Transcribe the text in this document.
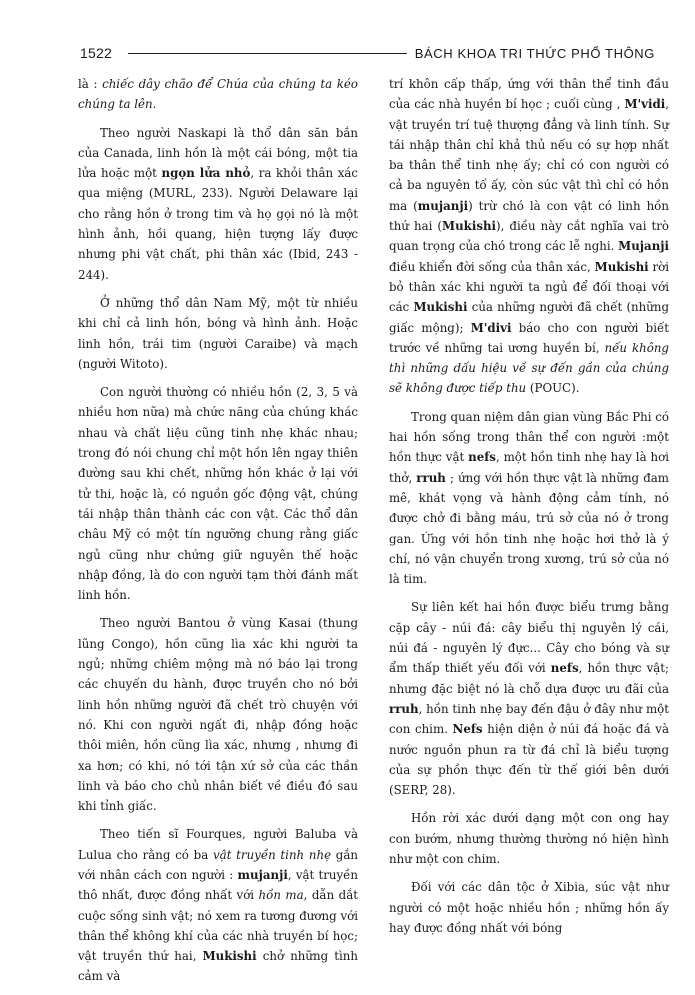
1522	BÁCH KHOA TRI THỨC PHỔ THÔNG

là : chiếc dây chão để Chúa của chúng ta kéo chúng ta lên.

Theo người Naskapi là thổ dân săn bắn của Canada, linh hồn là một cái bóng, một tia lửa hoặc một ngọn lửa nhỏ, ra khỏi thân xác qua miệng (MURL, 233). Người Delaware lại cho rằng hồn ở trong tim và họ gọi nó là một hình ảnh, hồi quang, hiện tượng lấy được nhưng phi vật chất, phi thân xác (Ibid, 243 - 244).

Ở những thổ dân Nam Mỹ, một từ nhiều khi chỉ cả linh hồn, bóng và hình ảnh. Hoặc linh hồn, trái tim (người Caraibe) và mạch (người Witoto).

Con người thường có nhiều hồn (2, 3, 5 và nhiều hơn nữa) mà chức năng của chúng khác nhau và chất liệu cũng tinh nhẹ khác nhau; trong đó nói chung chỉ một hồn lên ngay thiên đường sau khi chết, những hồn khác ở lại với tử thi, hoặc là, có nguồn gốc động vật, chúng tái nhập thân thành các con vật. Các thổ dân châu Mỹ có một tín ngưỡng chung rằng giấc ngủ cũng như chứng giữ nguyên thế hoặc nhập đồng, là do con người tạm thời đánh mất linh hồn.

Theo người Bantou ở vùng Kasai (thung lũng Congo), hồn cũng lìa xác khi người ta ngủ; những chiêm mộng mà nó báo lại trong các chuyến du hành, được truyền cho nó bởi linh hồn những người đã chết trò chuyện với nó. Khi con người ngất đi, nhập đồng hoặc thôi miên, hồn cũng lìa xác, nhưng , nhưng đi xa hơn; có khi, nó tới tận xứ sở của các thần linh và báo cho chủ nhân biết về điều đó sau khi tỉnh giấc.

Theo tiến sĩ Fourques, người Baluba và Lulua cho rằng có ba vật truyền tinh nhẹ gắn với nhân cách con người : mujanji, vật truyền thô nhất, được đồng nhất với hồn ma, dẫn dắt cuộc sống sinh vật; nó xem ra tương đương với thân thể không khí của các nhà truyền bí học; vật truyền thứ hai, Mukishi chở những tình cảm và

trí khôn cấp thấp, ứng với thân thể tinh đầu của các nhà huyền bí học ; cuối cùng , M'vidi, vật truyền trí tuệ thượng đẳng và linh tính. Sự tái nhập thân chỉ khả thủ nếu có sự hợp nhất ba thân thể tinh nhẹ ấy; chỉ có con người có cả ba nguyên tố ấy, còn súc vật thì chỉ có hồn ma (mujanji) trừ chó là con vật có linh hồn thứ hai (Mukishi), điều này cắt nghĩa vai trò quan trọng của chó trong các lễ nghi. Mujanji điều khiển đời sống của thân xác, Mukishi rời bỏ thân xác khi người ta ngủ để đối thoại với các Mukishi của những người đã chết (những giấc mộng); M'divi báo cho con người biết trước về những tai ương huyền bí, nếu không thì những dấu hiệu về sự đến gần của chúng sẽ không được tiếp thu (POUC).

Trong quan niệm dân gian vùng Bắc Phi có hai hồn sống trong thân thể con người :một hồn thực vật nefs, một hồn tinh nhẹ hay là hơi thở, rruh ; ứng với hồn thực vật là những đam mê, khát vọng và hành động cảm tính, nó được chở đi bằng máu, trú sở của nó ở trong gan. Ứng với hồn tinh nhẹ hoặc hơi thở là ý chí, nó vận chuyển trong xương, trú sở của nó là tim.

Sự liên kết hai hồn được biểu trưng bằng cặp cây - núi đá: cây biểu thị nguyên lý cái, núi đá - nguyên lý đực... Cây cho bóng và sự ẩm thấp thiết yếu đối với nefs, hồn thực vật; nhưng đặc biệt nó là chỗ dựa được ưu đãi của rruh, hồn tinh nhẹ bay đến đậu ở đây như một con chim. Nefs hiện diện ở núi đá hoặc đá và nước nguồn phun ra từ đá chỉ là biểu tượng của sự phồn thực đến từ thế giới bên dưới (SERP, 28).

Hồn rời xác dưới dạng một con ong hay con bướm, nhưng thường thường nó hiện hình như một con chim.

Đối với các dân tộc ở Xibia, súc vật như người có một hoặc nhiều hồn ; những hồn ấy hay được đồng nhất với bóng
